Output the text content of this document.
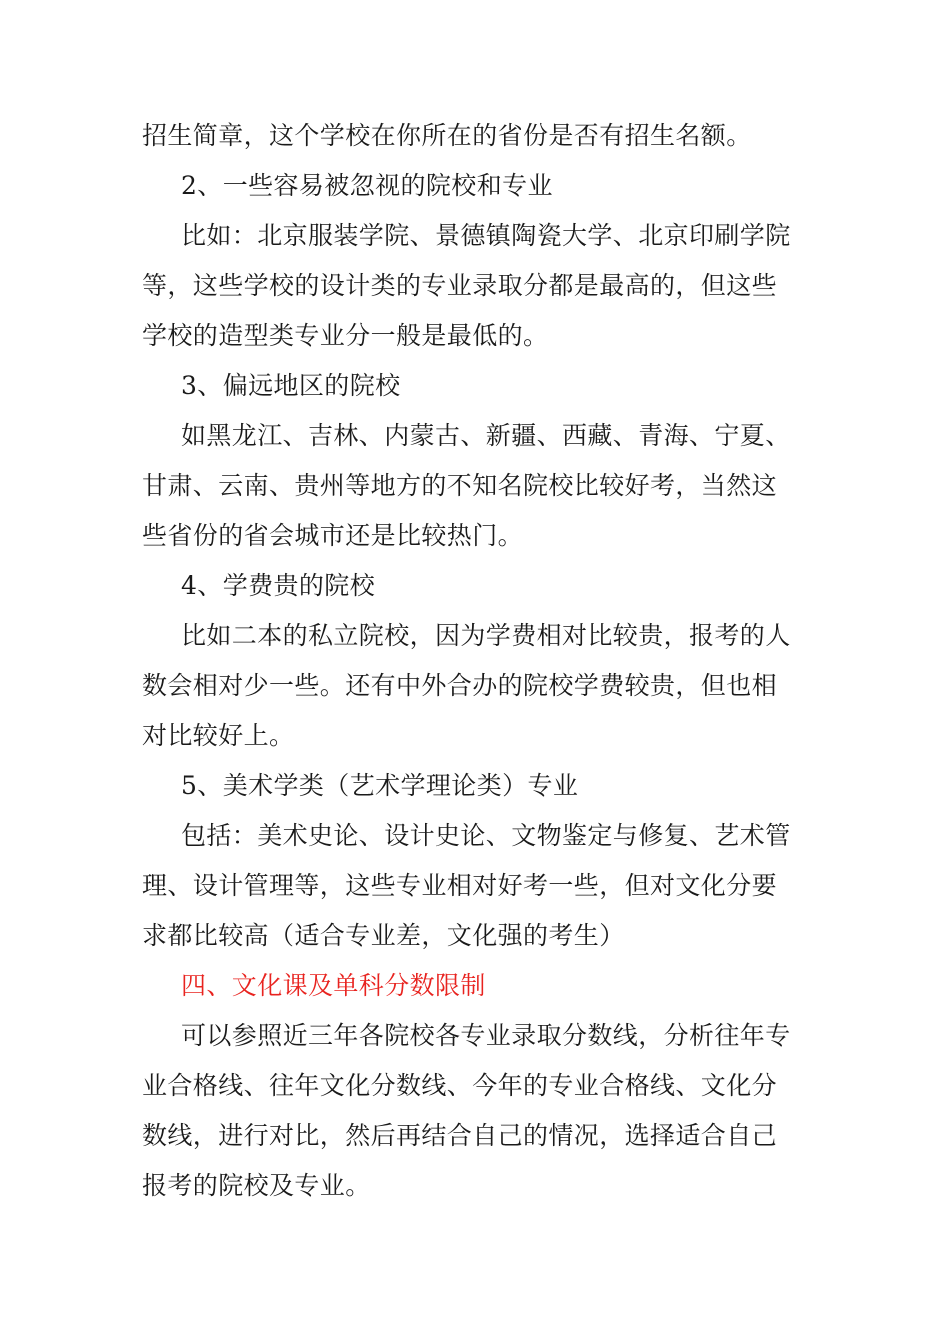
招生简章，这个学校在你所在的省份是否有招生名额。
2、一些容易被忽视的院校和专业
比如：北京服装学院、景德镇陶瓷大学、北京印刷学院
等，这些学校的设计类的专业录取分都是最高的，但这些
学校的造型类专业分一般是最低的。
3、偏远地区的院校
如黑龙江、吉林、内蒙古、新疆、西藏、青海、宁夏、
甘肃、云南、贵州等地方的不知名院校比较好考，当然这
些省份的省会城市还是比较热门。
4、学费贵的院校
比如二本的私立院校，因为学费相对比较贵，报考的人
数会相对少一些。还有中外合办的院校学费较贵，但也相
对比较好上。
5、美术学类（艺术学理论类）专业
包括：美术史论、设计史论、文物鉴定与修复、艺术管
理、设计管理等，这些专业相对好考一些，但对文化分要
求都比较高（适合专业差，文化强的考生）
四、文化课及单科分数限制
可以参照近三年各院校各专业录取分数线，分析往年专
业合格线、往年文化分数线、今年的专业合格线、文化分
数线，进行对比，然后再结合自己的情况，选择适合自己
报考的院校及专业。
